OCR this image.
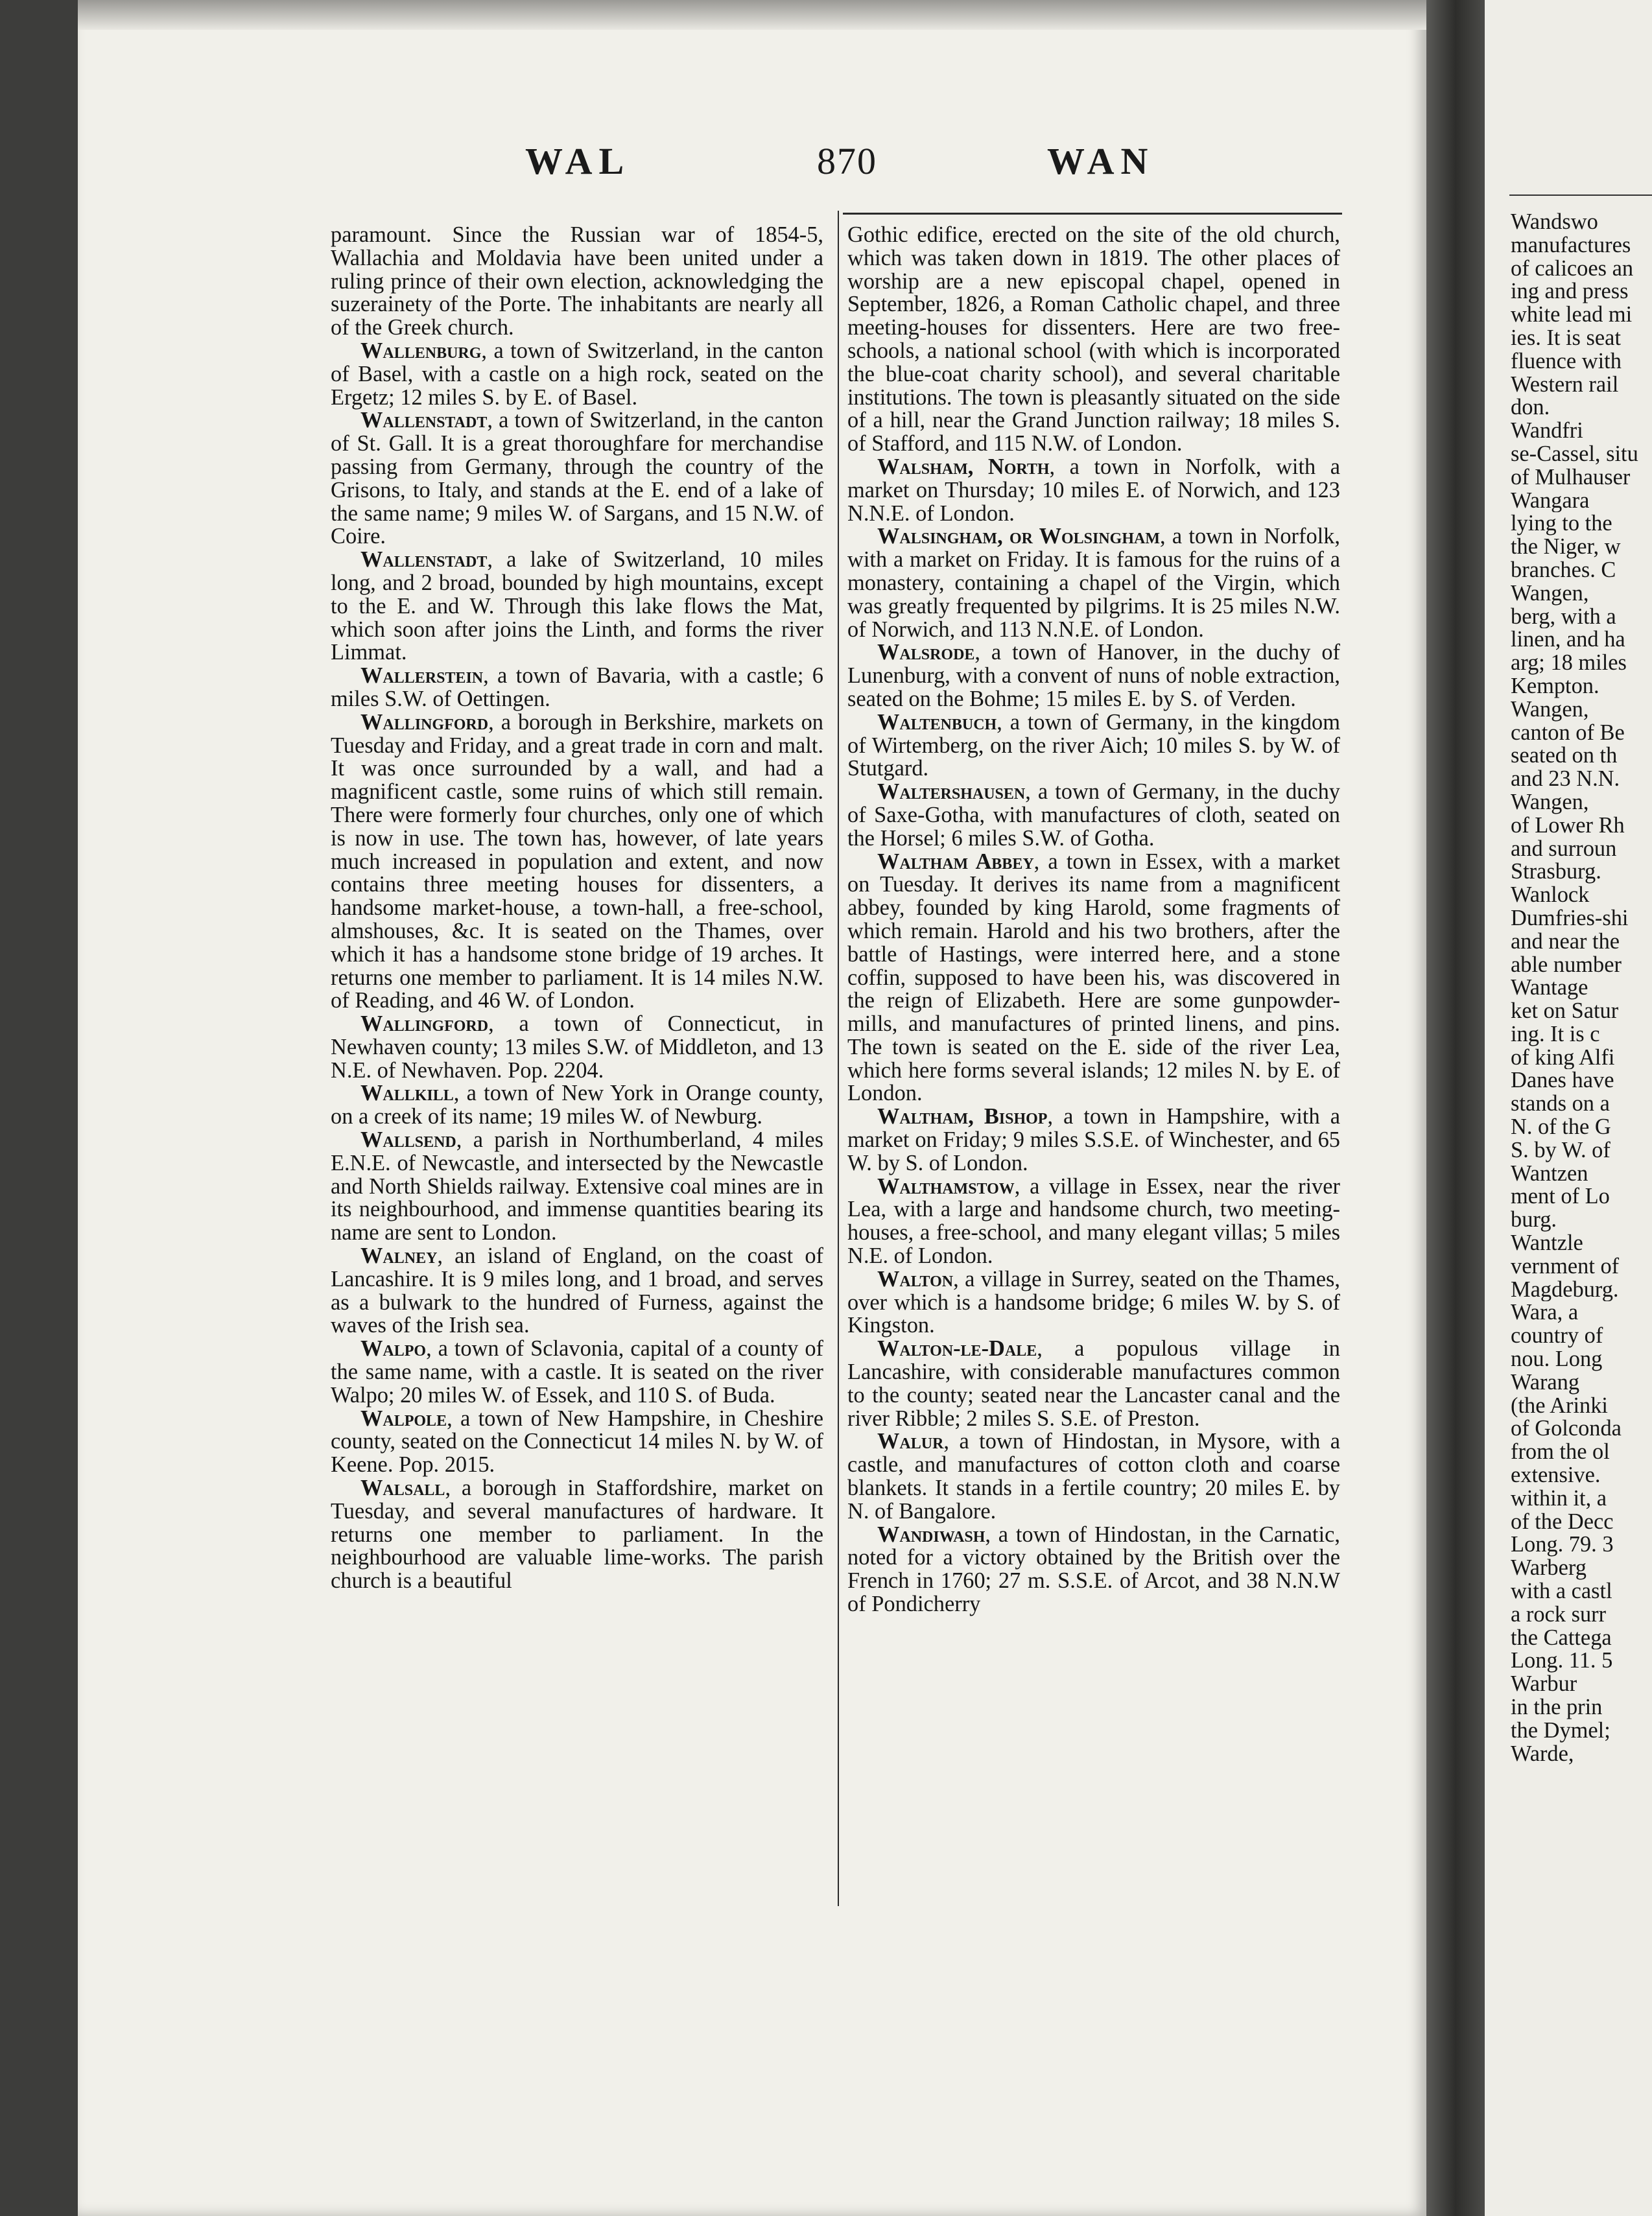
WAL	870	WAN

paramount. Since the Russian war of 1854-5, Wallachia and Moldavia have been united under a ruling prince of their own election, acknowledging the suzerainety of the Porte. The inhabitants are nearly all of the Greek church.

Wallenburg, a town of Switzerland, in the canton of Basel, with a castle on a high rock, seated on the Ergetz; 12 miles S. by E. of Basel.

Wallenstadt, a town of Switzerland, in the canton of St. Gall. It is a great thoroughfare for merchandise passing from Germany, through the country of the Grisons, to Italy, and stands at the E. end of a lake of the same name; 9 miles W. of Sargans, and 15 N.W. of Coire.

Wallenstadt, a lake of Switzerland, 10 miles long, and 2 broad, bounded by high mountains, except to the E. and W. Through this lake flows the Mat, which soon after joins the Linth, and forms the river Limmat.

Wallerstein, a town of Bavaria, with a castle; 6 miles S.W. of Oettingen.

Wallingford, a borough in Berkshire, markets on Tuesday and Friday, and a great trade in corn and malt. It was once surrounded by a wall, and had a magnificent castle, some ruins of which still remain. There were formerly four churches, only one of which is now in use. The town has, however, of late years much increased in population and extent, and now contains three meeting houses for dissenters, a handsome market-house, a town-hall, a free-school, almshouses, &c. It is seated on the Thames, over which it has a handsome stone bridge of 19 arches. It returns one member to parliament. It is 14 miles N.W. of Reading, and 46 W. of London.

Wallingford, a town of Connecticut, in Newhaven county; 13 miles S.W. of Middleton, and 13 N.E. of Newhaven. Pop. 2204.

Wallkill, a town of New York in Orange county, on a creek of its name; 19 miles W. of Newburg.

Wallsend, a parish in Northumberland, 4 miles E.N.E. of Newcastle, and intersected by the Newcastle and North Shields railway. Extensive coal mines are in its neighbourhood, and immense quantities bearing its name are sent to London.

Walney, an island of England, on the coast of Lancashire. It is 9 miles long, and 1 broad, and serves as a bulwark to the hundred of Furness, against the waves of the Irish sea.

Walpo, a town of Sclavonia, capital of a county of the same name, with a castle. It is seated on the river Walpo; 20 miles W. of Essek, and 110 S. of Buda.

Walpole, a town of New Hampshire, in Cheshire county, seated on the Connecticut 14 miles N. by W. of Keene. Pop. 2015.

Walsall, a borough in Staffordshire, market on Tuesday, and several manufactures of hardware. It returns one member to parliament. In the neighbourhood are valuable lime-works. The parish church is a beautiful

Gothic edifice, erected on the site of the old church, which was taken down in 1819. The other places of worship are a new episcopal chapel, opened in September, 1826, a Roman Catholic chapel, and three meeting-houses for dissenters. Here are two free-schools, a national school (with which is incorporated the blue-coat charity school), and several charitable institutions. The town is pleasantly situated on the side of a hill, near the Grand Junction railway; 18 miles S. of Stafford, and 115 N.W. of London.

Walsham, North, a town in Norfolk, with a market on Thursday; 10 miles E. of Norwich, and 123 N.N.E. of London.

Walsingham, or Wolsingham, a town in Norfolk, with a market on Friday. It is famous for the ruins of a monastery, containing a chapel of the Virgin, which was greatly frequented by pilgrims. It is 25 miles N.W. of Norwich, and 113 N.N.E. of London.

Walsrode, a town of Hanover, in the duchy of Lunenburg, with a convent of nuns of noble extraction, seated on the Bohme; 15 miles E. by S. of Verden.

Waltenbuch, a town of Germany, in the kingdom of Wirtemberg, on the river Aich; 10 miles S. by W. of Stutgard.

Waltershausen, a town of Germany, in the duchy of Saxe-Gotha, with manufactures of cloth, seated on the Horsel; 6 miles S.W. of Gotha.

Waltham Abbey, a town in Essex, with a market on Tuesday. It derives its name from a magnificent abbey, founded by king Harold, some fragments of which remain. Harold and his two brothers, after the battle of Hastings, were interred here, and a stone coffin, supposed to have been his, was discovered in the reign of Elizabeth. Here are some gunpowder-mills, and manufactures of printed linens, and pins. The town is seated on the E. side of the river Lea, which here forms several islands; 12 miles N. by E. of London.

Waltham, Bishop, a town in Hampshire, with a market on Friday; 9 miles S.S.E. of Winchester, and 65 W. by S. of London.

Walthamstow, a village in Essex, near the river Lea, with a large and handsome church, two meeting-houses, a free-school, and many elegant villas; 5 miles N.E. of London.

Walton, a village in Surrey, seated on the Thames, over which is a handsome bridge; 6 miles W. by S. of Kingston.

Walton-le-Dale, a populous village in Lancashire, with considerable manufactures common to the county; seated near the Lancaster canal and the river Ribble; 2 miles S. S.E. of Preston.

Walur, a town of Hindostan, in Mysore, with a castle, and manufactures of cotton cloth and coarse blankets. It stands in a fertile country; 20 miles E. by N. of Bangalore.

Wandiwash, a town of Hindostan, in the Carnatic, noted for a victory obtained by the British over the French in 1760; 27 m. S.S.E. of Arcot, and 38 N.N.W of Pondicherry

Wandswo
manufactures
of calicoes an
ing and press
white lead mi
ies. It is seat
fluence with
Western rail
don.
Wandfri
se-Cassel, situ
of Mulhauser
Wangara
lying to the
the Niger, w
branches. C
Wangen,
berg, with a
linen, and ha
arg; 18 miles
Kempton.
Wangen,
canton of Be
seated on th
and 23 N.N.
Wangen,
of Lower Rh
and surroun
Strasburg.
Wanlock
Dumfries-shi
and near the
able number
Wantage
ket on Satur
ing. It is c
of king Alfi
Danes have
stands on a
N. of the G
S. by W. of
Wantzen
ment of Lo
burg.
Wantzle
vernment of
Magdeburg.
Wara, a
country of
nou. Long
Warang
(the Arinki
of Golconda
from the ol
extensive.
within it, a
of the Decc
Long. 79. 3
Warberg
with a castl
a rock surr
the Cattega
Long. 11. 5
Warbur
in the prin
the Dymel;
Warde,
